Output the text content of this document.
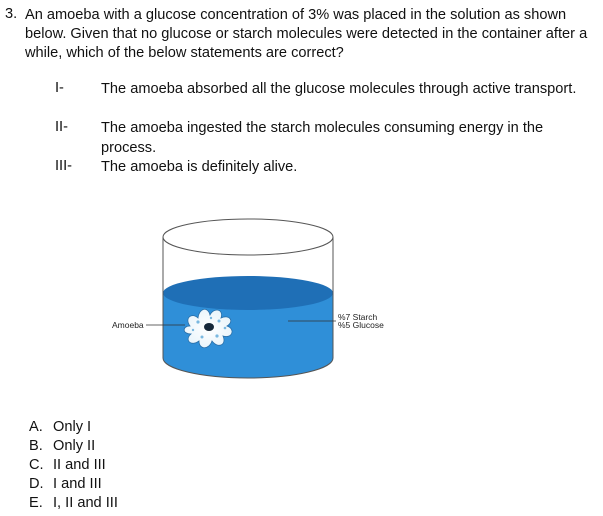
3. An amoeba with a glucose concentration of 3% was placed in the solution as shown below. Given that no glucose or starch molecules were detected in the container after a while, which of the below statements are correct?
I-	The amoeba absorbed all the glucose molecules through active transport.
II- The amoeba ingested the starch molecules consuming energy in the process.
III- The amoeba is definitely alive.
Amoeba
%7 Starch
%5 Glucose
A. Only I
B. Only II
C. II and III
D. I and III
E. I, II and III
